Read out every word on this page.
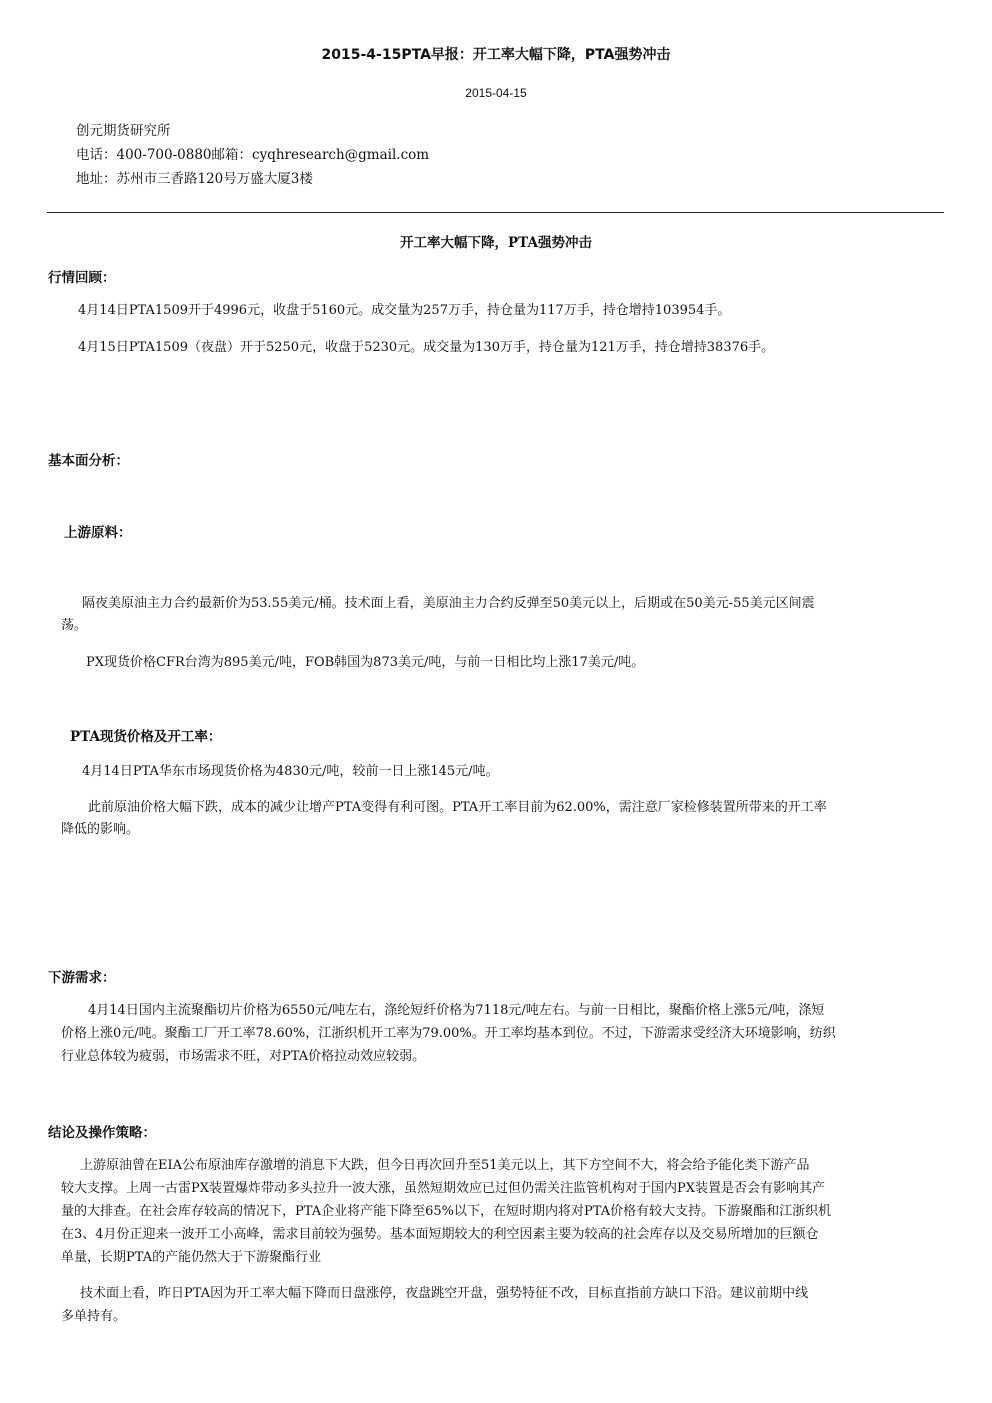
2015-4-15PTA早报：开工率大幅下降，PTA强势冲击
2015-04-15
创元期货研究所
电话：400-700-0880邮箱：cyqhresearch@gmail.com
地址：苏州市三香路120号万盛大厦3楼
开工率大幅下降，PTA强势冲击
行情回顾：
4月14日PTA1509开于4996元，收盘于5160元。成交量为257万手，持仓量为117万手，持仓增持103954手。
4月15日PTA1509（夜盘）开于5250元，收盘于5230元。成交量为130万手，持仓量为121万手，持仓增持38376手。
基本面分析：
上游原料：
隔夜美原油主力合约最新价为53.55美元/桶。技术面上看，美原油主力合约反弹至50美元以上，后期或在50美元-55美元区间震
荡。
PX现货价格CFR台湾为895美元/吨，FOB韩国为873美元/吨，与前一日相比均上涨17美元/吨。
PTA现货价格及开工率：
4月14日PTA华东市场现货价格为4830元/吨，较前一日上涨145元/吨。
此前原油价格大幅下跌，成本的减少让增产PTA变得有利可图。PTA开工率目前为62.00%，需注意厂家检修装置所带来的开工率
降低的影响。
下游需求：
4月14日国内主流聚酯切片价格为6550元/吨左右，涤纶短纤价格为7118元/吨左右。与前一日相比，聚酯价格上涨5元/吨，涤短
价格上涨0元/吨。聚酯工厂开工率78.60%，江浙织机开工率为79.00%。开工率均基本到位。不过，下游需求受经济大环境影响，纺织
行业总体较为疲弱，市场需求不旺，对PTA价格拉动效应较弱。
结论及操作策略：
上游原油曾在EIA公布原油库存激增的消息下大跌，但今日再次回升至51美元以上，其下方空间不大，将会给予能化类下游产品
较大支撑。上周一古雷PX装置爆炸带动多头拉升一波大涨，虽然短期效应已过但仍需关注监管机构对于国内PX装置是否会有影响其产
量的大排查。在社会库存较高的情况下，PTA企业将产能下降至65%以下，在短时期内将对PTA价格有较大支持。下游聚酯和江浙织机
在3、4月份正迎来一波开工小高峰，需求目前较为强势。基本面短期较大的利空因素主要为较高的社会库存以及交易所增加的巨额仓
单量，长期PTA的产能仍然大于下游聚酯行业
技术面上看，昨日PTA因为开工率大幅下降而日盘涨停，夜盘跳空开盘，强势特征不改，目标直指前方缺口下沿。建议前期中线
多单持有。
